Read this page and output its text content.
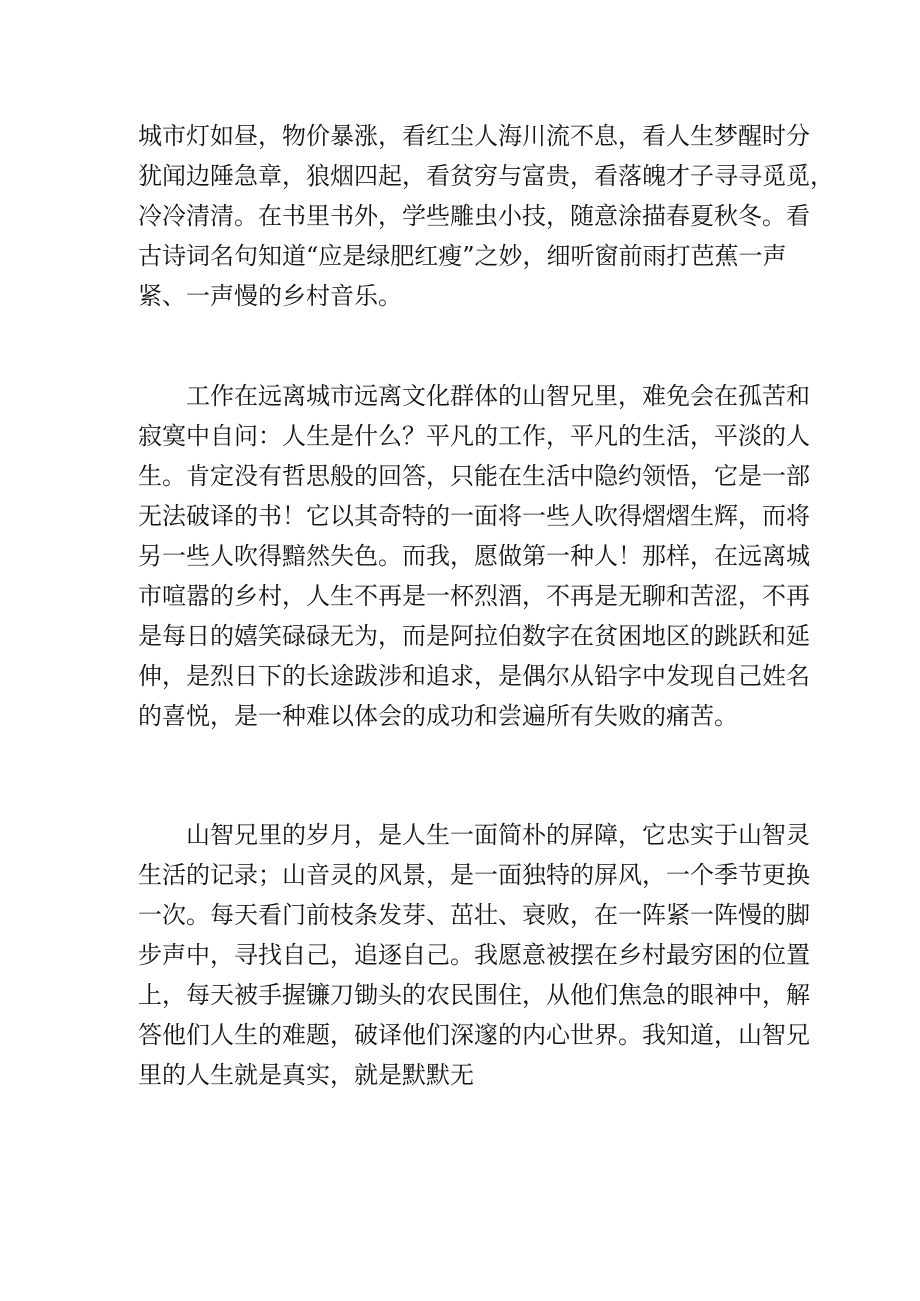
城市灯如昼，物价暴涨，看红尘人海川流不息，看人生梦醒时分
犹闻边陲急章，狼烟四起，看贫穷与富贵，看落魄才子寻寻觅觅，
冷冷清清。在书里书外，学些雕虫小技，随意涂描春夏秋冬。看
古诗词名句知道“应是绿肥红瘦”之妙，细听窗前雨打芭蕉一声
紧、一声慢的乡村音乐。

工作在远离城市远离文化群体的山智兄里，难免会在孤苦和
寂寞中自问：人生是什么？平凡的工作，平凡的生活，平淡的人
生。肯定没有哲思般的回答，只能在生活中隐约领悟，它是一部
无法破译的书！它以其奇特的一面将一些人吹得熠熠生辉，而将
另一些人吹得黯然失色。而我，愿做第一种人！那样，在远离城
市喧嚣的乡村，人生不再是一杯烈酒，不再是无聊和苦涩，不再
是每日的嬉笑碌碌无为，而是阿拉伯数字在贫困地区的跳跃和延
伸，是烈日下的长途跋涉和追求，是偶尔从铅字中发现自己姓名
的喜悦，是一种难以体会的成功和尝遍所有失败的痛苦。

山智兄里的岁月，是人生一面简朴的屏障，它忠实于山智灵
生活的记录；山音灵的风景，是一面独特的屏风，一个季节更换
一次。每天看门前枝条发芽、茁壮、衰败，在一阵紧一阵慢的脚
步声中，寻找自己，追逐自己。我愿意被摆在乡村最穷困的位置
上，每天被手握镰刀锄头的农民围住，从他们焦急的眼神中，解
答他们人生的难题，破译他们深邃的内心世界。我知道，山智兄
里的人生就是真实，就是默默无
